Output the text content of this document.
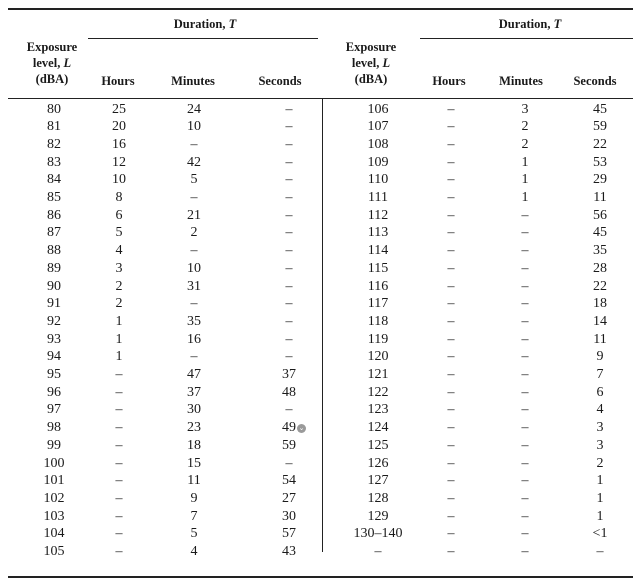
Exposure
level, L
(dBA)
Duration, T
Hours	Minutes	Seconds
Exposure
level, L
(dBA)
Duration, T
Hours	Minutes	Seconds
80	25	24	–
81	20	10	–
82	16	–	–
83	12	42	–
84	10	5	–
85	8	–	–
86	6	21	–
87	5	2	–
88	4	–	–
89	3	10	–
90	2	31	–
91	2	–	–
92	1	35	–
93	1	16	–
94	1	–	–
95	–	47	37
96	–	37	48
97	–	30	–
98	–	23	49 ⌄
99	–	18	59
100	–	15	–
101	–	11	54
102	–	9	27
103	–	7	30
104	–	5	57
105	–	4	43
106	–	3	45
107	–	2	59
108	–	2	22
109	–	1	53
110	–	1	29
111	–	1	11
112	–	–	56
113	–	–	45
114	–	–	35
115	–	–	28
116	–	–	22
117	–	–	18
118	–	–	14
119	–	–	11
120	–	–	9
121	–	–	7
122	–	–	6
123	–	–	4
124	–	–	3
125	–	–	3
126	–	–	2
127	–	–	1
128	–	–	1
129	–	–	1
130–140	–	–	<1
–	–	–	–
